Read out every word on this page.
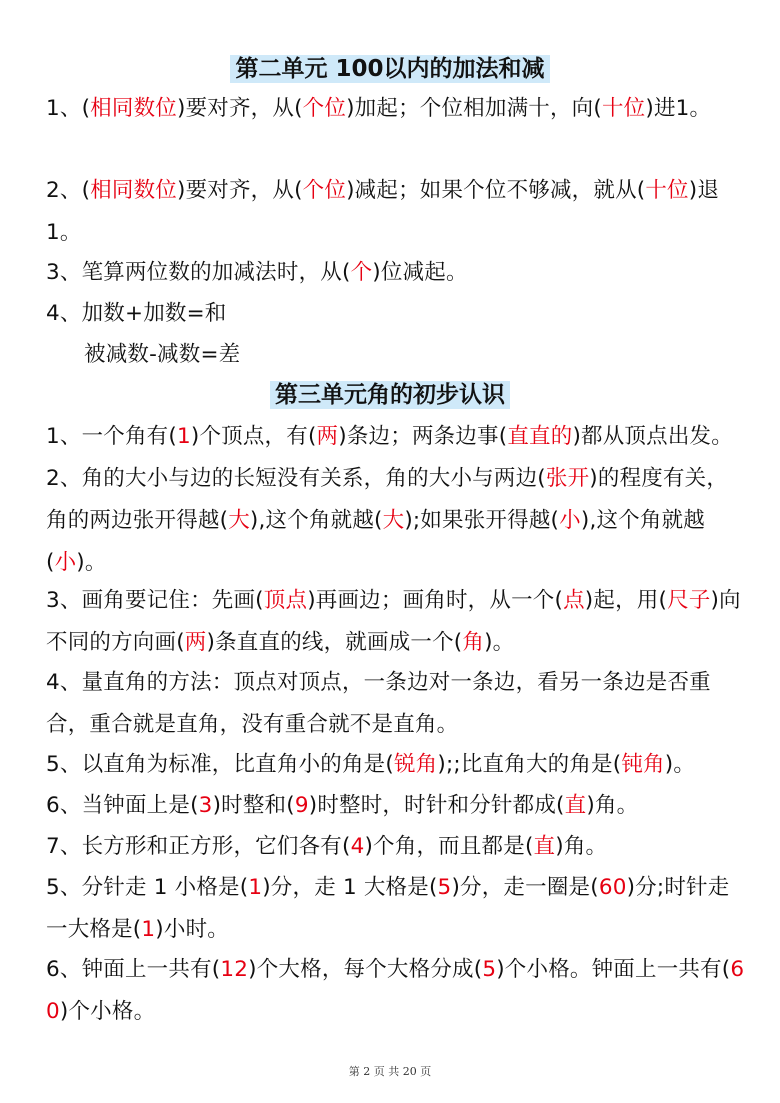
第二单元 100以内的加法和减

1、(相同数位)要对齐，从(个位)加起；个位相加满十，向(十位)进1。

2、(相同数位)要对齐，从(个位)减起；如果个位不够减，就从(十位)退1。

3、笔算两位数的加减法时，从(个)位减起。

4、加数+加数=和

被减数-减数=差

第三单元角的初步认识

1、一个角有(1)个顶点，有(两)条边；两条边事(直直的)都从顶点出发。

2、角的大小与边的长短没有关系，角的大小与两边(张开)的程度有关，角的两边张开得越(大),这个角就越(大);如果张开得越(小),这个角就越(小)。

3、画角要记住：先画(顶点)再画边；画角时，从一个(点)起，用(尺子)向不同的方向画(两)条直直的线，就画成一个(角)。

4、量直角的方法：顶点对顶点，一条边对一条边，看另一条边是否重合，重合就是直角，没有重合就不是直角。

5、以直角为标准，比直角小的角是(锐角);;比直角大的角是(钝角)。

6、当钟面上是(3)时整和(9)时整时，时针和分针都成(直)角。

7、长方形和正方形，它们各有(4)个角，而且都是(直)角。

5、分针走 1 小格是(1)分，走 1 大格是(5)分，走一圈是(60)分;时针走一大格是(1)小时。

6、钟面上一共有(12)个大格，每个大格分成(5)个小格。钟面上一共有(60)个小格。

第 2 页 共 20 页
